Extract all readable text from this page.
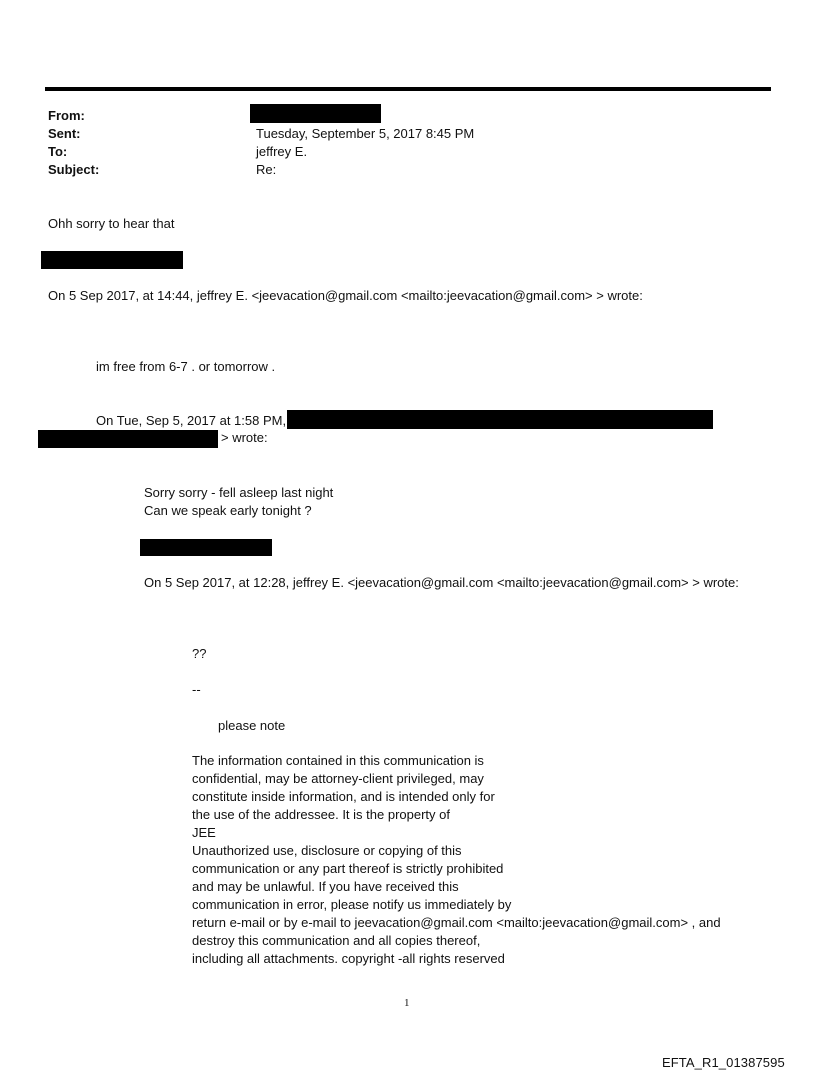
From:
Sent:
To:
Subject:
Tuesday, September 5, 2017 8:45 PM
jeffrey E.
Re:
Ohh sorry to hear that
On 5 Sep 2017, at 14:44, jeffrey E. <jeevacation@gmail.com <mailto:jeevacation@gmail.com> > wrote:
im free from 6-7 . or tomorrow .
On Tue, Sep 5, 2017 at 1:58 PM,
> wrote:
Sorry sorry - fell asleep last night
Can we speak early tonight ?
On 5 Sep 2017, at 12:28, jeffrey E. <jeevacation@gmail.com <mailto:jeevacation@gmail.com> > wrote:
??
--
please note
The information contained in this communication is
confidential, may be attorney-client privileged, may
constitute inside information, and is intended only for
the use of the addressee. It is the property of
JEE
Unauthorized use, disclosure or copying of this
communication or any part thereof is strictly prohibited
and may be unlawful. If you have received this
communication in error, please notify us immediately by
return e-mail or by e-mail to jeevacation@gmail.com <mailto:jeevacation@gmail.com> , and
destroy this communication and all copies thereof,
including all attachments. copyright -all rights reserved
1
EFTA_R1_01387595
